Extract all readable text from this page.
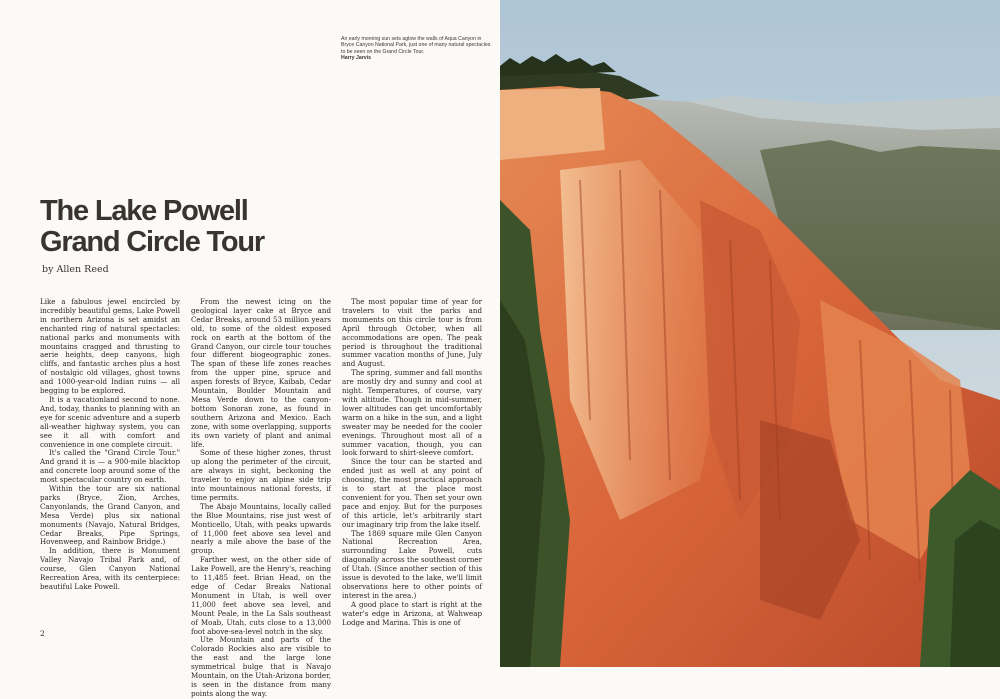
The Lake Powell
Grand Circle Tour
by Allen Reed

Like a fabulous jewel encircled by incredibly beautiful gems, Lake Powell in northern Arizona is set amidst an enchanted ring of natural spectacles: national parks and monuments with mountains cragged and thrusting to aerie heights, deep canyons, high cliffs, and fantastic arches plus a host of nostalgic old villages, ghost towns and 1000-year-old Indian ruins — all begging to be explored.

It is a vacationland second to none. And, today, thanks to planning with an eye for scenic adventure and a superb all-weather highway system, you can see it all with comfort and convenience in one complete circuit.

It's called the "Grand Circle Tour." And grand it is — a 900-mile blacktop and concrete loop around some of the most spectacular country on earth.

Within the tour are six national parks (Bryce, Zion, Arches, Canyonlands, the Grand Canyon, and Mesa Verde) plus six national monuments (Navajo, Natural Bridges, Cedar Breaks, Pipe Springs, Hovenweep, and Rainbow Bridge.)

In addition, there is Monument Valley Navajo Tribal Park and, of course, Glen Canyon National Recreation Area, with its centerpiece: beautiful Lake Powell.

From the newest icing on the geological layer cake at Bryce and Cedar Breaks, around 53 million years old, to some of the oldest exposed rock on earth at the bottom of the Grand Canyon, our circle tour touches four different biogeographic zones. The span of these life zones reaches from the upper pine, spruce and aspen forests of Bryce, Kaibab, Cedar Mountain, Boulder Mountain and Mesa Verde down to the canyon-bottom Sonoran zone, as found in southern Arizona and Mexico. Each zone, with some overlapping, supports its own variety of plant and animal life.

Some of these higher zones, thrust up along the perimeter of the circuit, are always in sight, beckoning the traveler to enjoy an alpine side trip into mountainous national forests, if time permits.

The Abajo Mountains, locally called the Blue Mountains, rise just west of Monticello, Utah, with peaks upwards of 11,000 feet above sea level and nearly a mile above the base of the group.

Farther west, on the other side of Lake Powell, are the Henry's, reaching to 11,485 feet. Brian Head, on the edge of Cedar Breaks National Monument in Utah, is well over 11,000 feet above sea level, and Mount Peale, in the La Sals southeast of Moab, Utah, cuts close to a 13,000 foot above-sea-level notch in the sky.

Ute Mountain and parts of the Colorado Rockies also are visible to the east and the large lone symmetrical bulge that is Navajo Mountain, on the Utah-Arizona border, is seen in the distance from many points along the way.

The most popular time of year for travelers to visit the parks and monuments on this circle tour is from April through October, when all accommodations are open. The peak period is throughout the traditional summer vacation months of June, July and August.

The spring, summer and fall months are mostly dry and sunny and cool at night. Temperatures, of course, vary with altitude. Though in mid-summer, lower altitudes can get uncomfortably warm on a hike in the sun, and a light sweater may be needed for the cooler evenings. Throughout most all of a summer vacation, though, you can look forward to shirt-sleeve comfort.

Since the tour can be started and ended just as well at any point of choosing, the most practical approach is to start at the place most convenient for you. Then set your own pace and enjoy. But for the purposes of this article, let's arbitrarily start our imaginary trip from the lake itself.

The 1869 square mile Glen Canyon National Recreation Area, surrounding Lake Powell, cuts diagonally across the southeast corner of Utah. (Since another section of this issue is devoted to the lake, we'll limit observations here to other points of interest in the area.)

A good place to start is right at the water's edge in Arizona, at Wahweap Lodge and Marina. This is one of

2
An early morning sun sets aglow the walls of Aqua Canyon in Bryce Canyon National Park, just one of many natural spectacles to be seen on the Grand Circle Tour.
Harry Jarvis
